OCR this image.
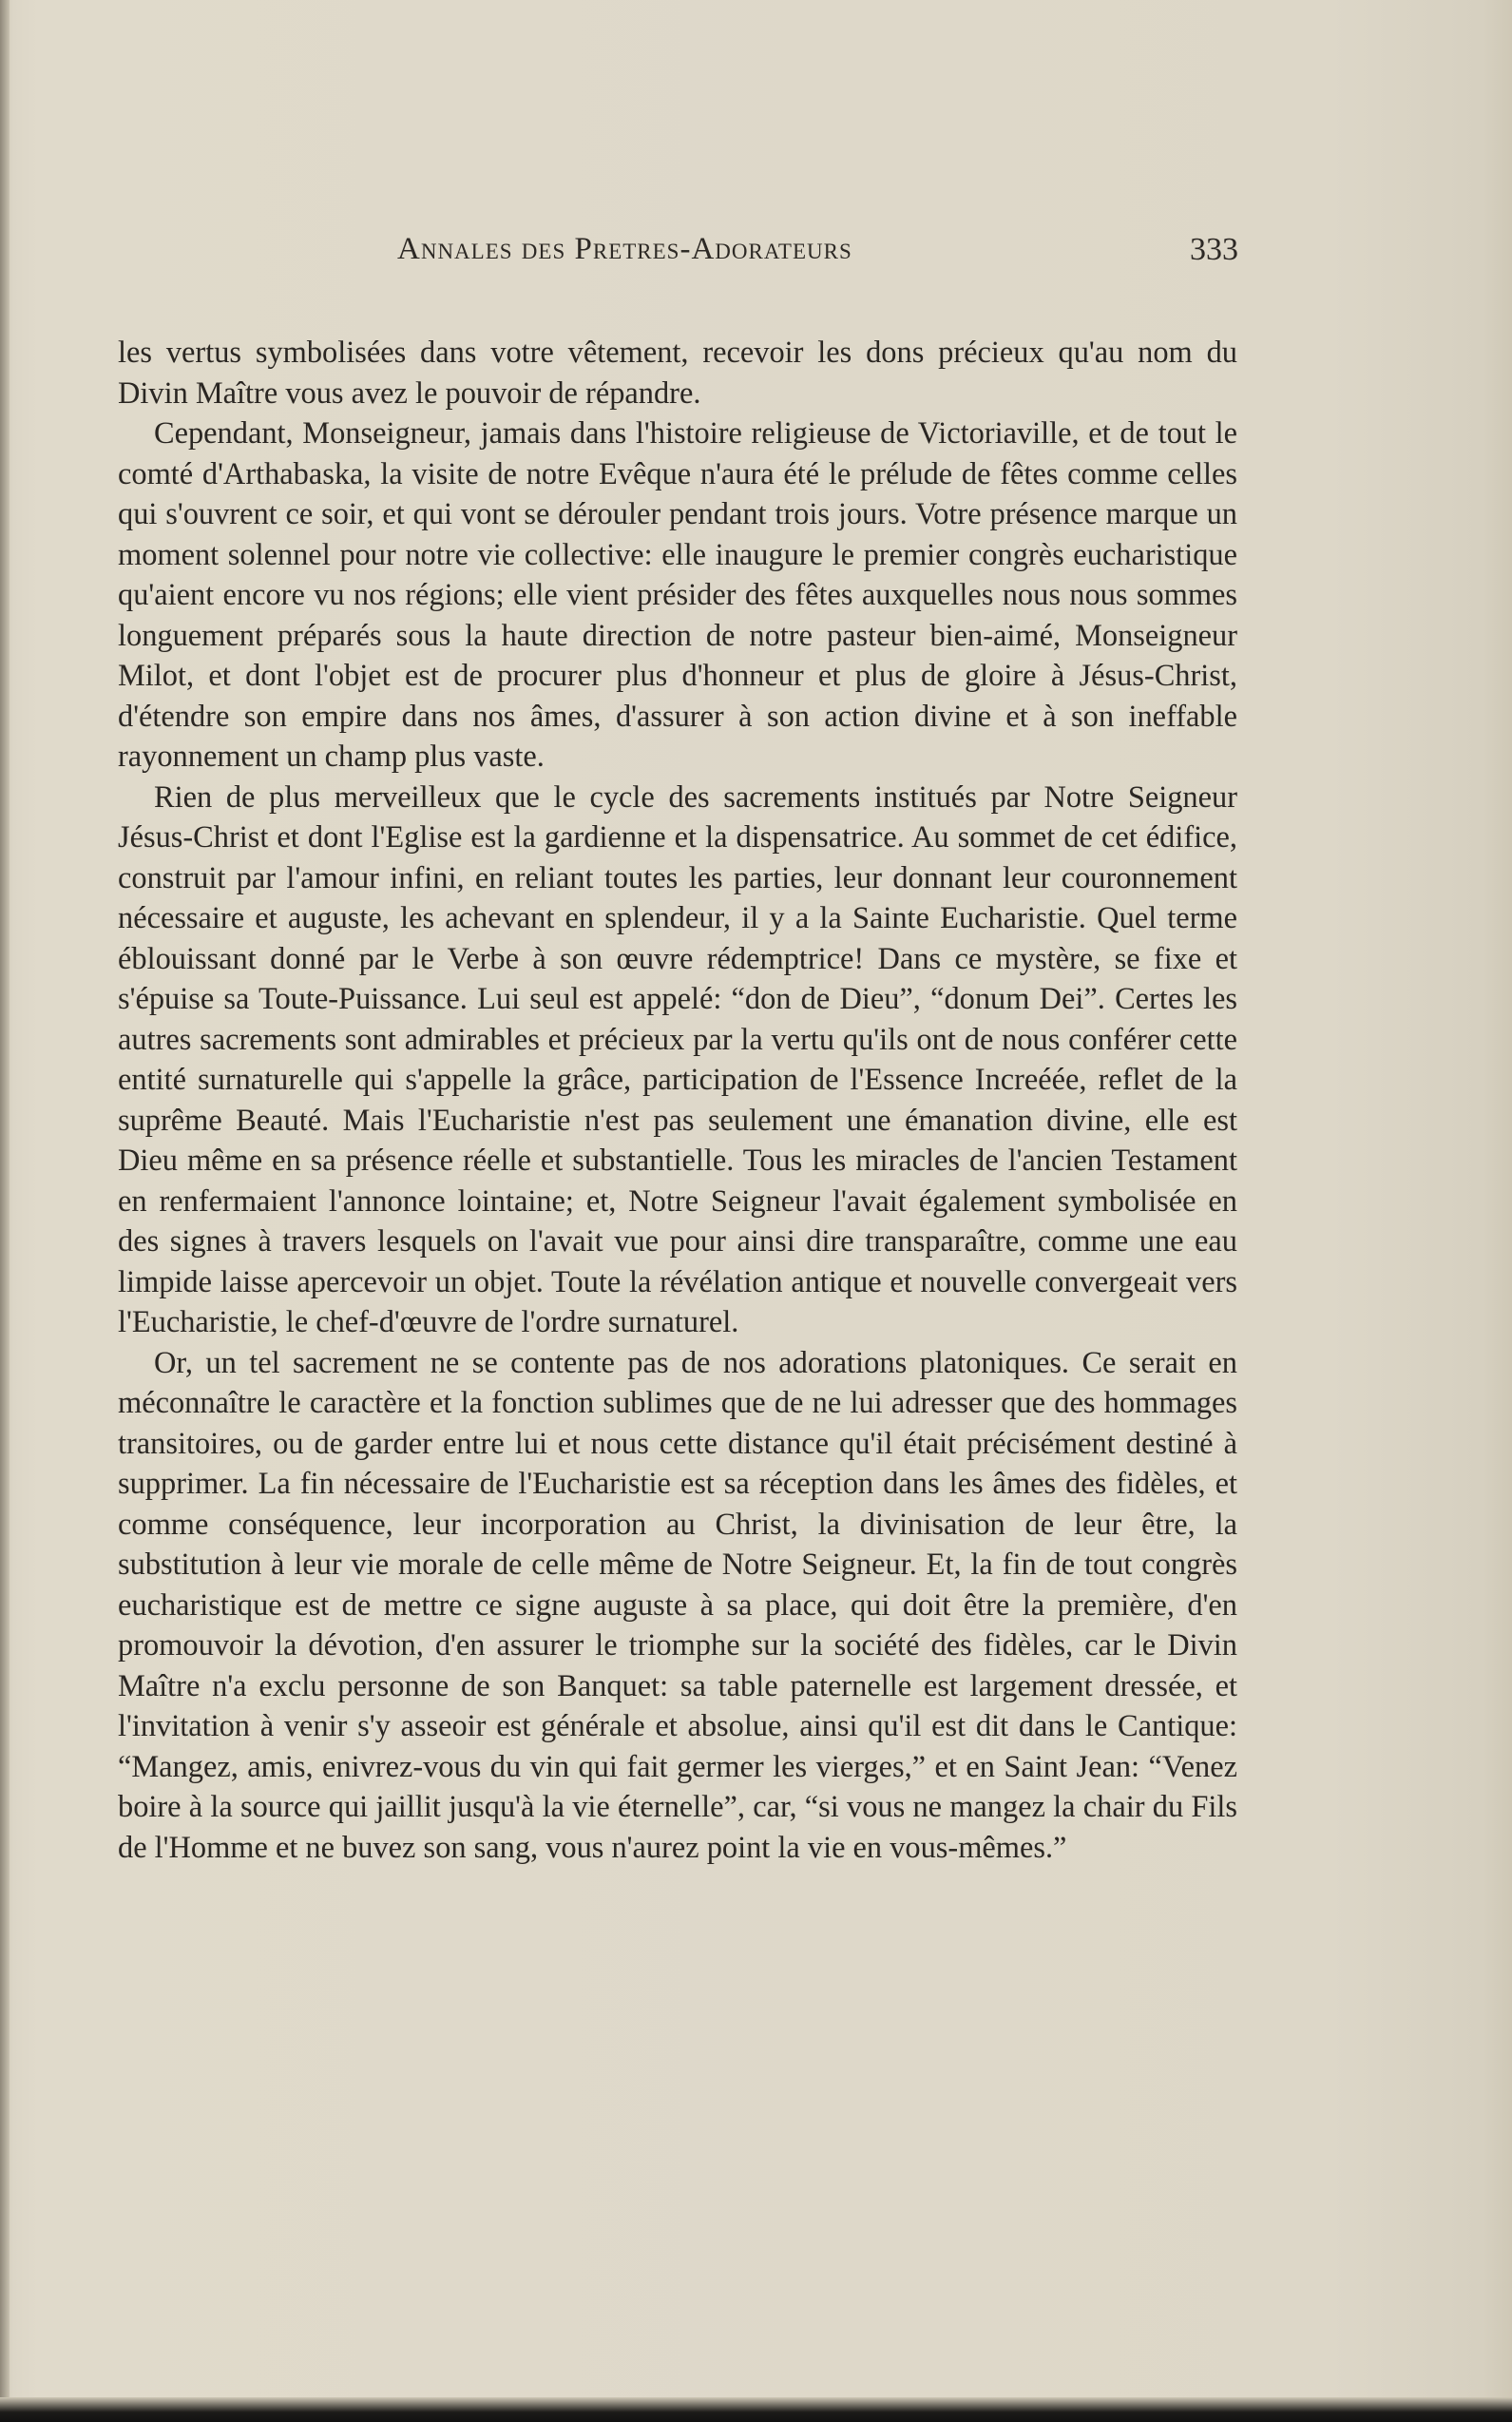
Annales des Pretres-Adorateurs	333

les vertus symbolisées dans votre vêtement, recevoir les dons précieux qu'au nom du Divin Maître vous avez le pouvoir de répandre.

Cependant, Monseigneur, jamais dans l'histoire religieuse de Victoriaville, et de tout le comté d'Arthabaska, la visite de notre Evêque n'aura été le prélude de fêtes comme celles qui s'ouvrent ce soir, et qui vont se dérouler pendant trois jours. Votre présence marque un moment solennel pour notre vie collective: elle inaugure le premier congrès eucharistique qu'aient encore vu nos régions; elle vient présider des fêtes auxquelles nous nous sommes longuement préparés sous la haute direction de notre pasteur bien-aimé, Monseigneur Milot, et dont l'objet est de procurer plus d'honneur et plus de gloire à Jésus-Christ, d'étendre son empire dans nos âmes, d'assurer à son action divine et à son ineffable rayonnement un champ plus vaste.

Rien de plus merveilleux que le cycle des sacrements institués par Notre Seigneur Jésus-Christ et dont l'Eglise est la gardienne et la dispensatrice. Au sommet de cet édifice, construit par l'amour infini, en reliant toutes les parties, leur donnant leur couronnement nécessaire et auguste, les achevant en splendeur, il y a la Sainte Eucharistie. Quel terme éblouissant donné par le Verbe à son œuvre rédemptrice! Dans ce mystère, se fixe et s'épuise sa Toute-Puissance. Lui seul est appelé: “don de Dieu”, “donum Dei”. Certes les autres sacrements sont admirables et précieux par la vertu qu'ils ont de nous conférer cette entité surnaturelle qui s'appelle la grâce, participation de l'Essence Increéée, reflet de la suprême Beauté. Mais l'Eucharistie n'est pas seulement une émanation divine, elle est Dieu même en sa présence réelle et substantielle. Tous les miracles de l'ancien Testament en renfermaient l'annonce lointaine; et, Notre Seigneur l'avait également symbolisée en des signes à travers lesquels on l'avait vue pour ainsi dire transparaître, comme une eau limpide laisse apercevoir un objet. Toute la révélation antique et nouvelle convergeait vers l'Eucharistie, le chef-d'œuvre de l'ordre surnaturel.

Or, un tel sacrement ne se contente pas de nos adorations platoniques. Ce serait en méconnaître le caractère et la fonction sublimes que de ne lui adresser que des hommages transitoires, ou de garder entre lui et nous cette distance qu'il était précisément destiné à supprimer. La fin nécessaire de l'Eucharistie est sa réception dans les âmes des fidèles, et comme conséquence, leur incorporation au Christ, la divinisation de leur être, la substitution à leur vie morale de celle même de Notre Seigneur. Et, la fin de tout congrès eucharistique est de mettre ce signe auguste à sa place, qui doit être la première, d'en promouvoir la dévotion, d'en assurer le triomphe sur la société des fidèles, car le Divin Maître n'a exclu personne de son Banquet: sa table paternelle est largement dressée, et l'invitation à venir s'y asseoir est générale et absolue, ainsi qu'il est dit dans le Cantique: “Mangez, amis, enivrez-vous du vin qui fait germer les vierges,” et en Saint Jean: “Venez boire à la source qui jaillit jusqu'à la vie éternelle”, car, “si vous ne mangez la chair du Fils de l'Homme et ne buvez son sang, vous n'aurez point la vie en vous-mêmes.”
